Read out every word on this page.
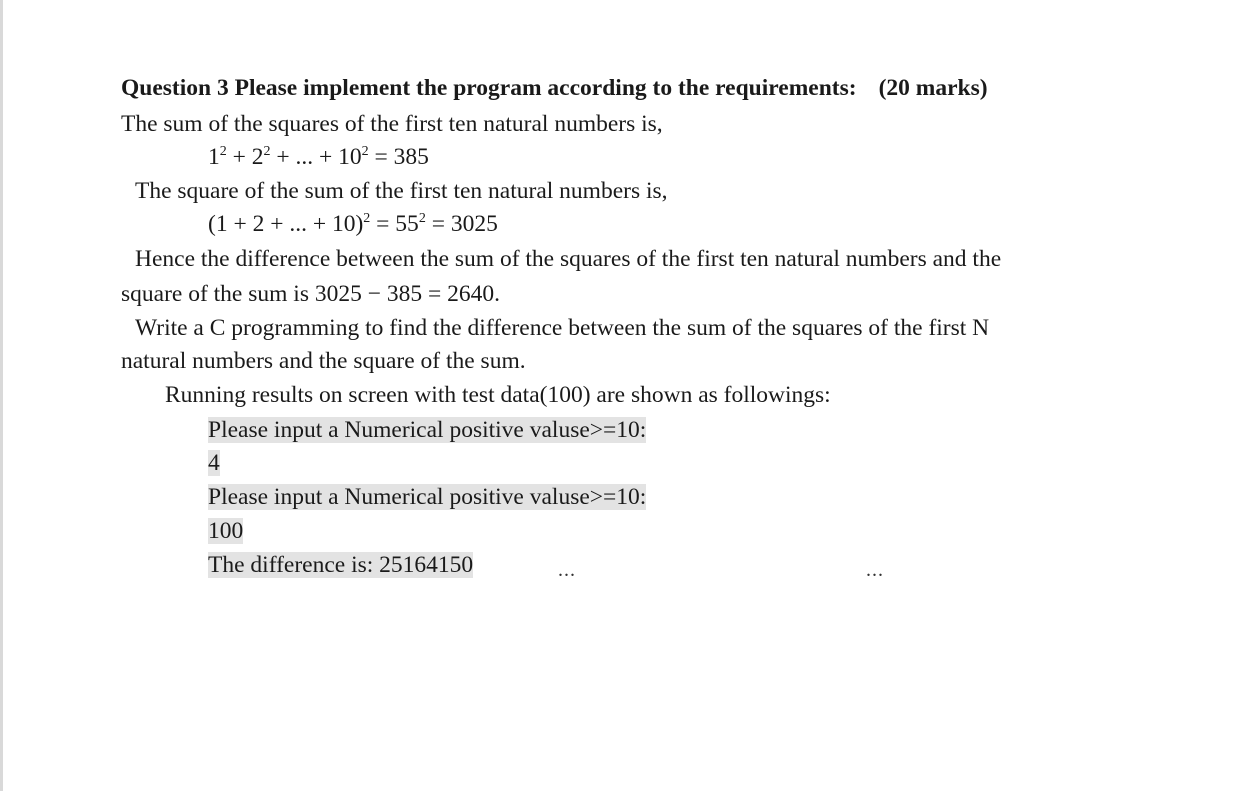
Question 3 Please implement the program according to the requirements: (20 marks)
The sum of the squares of the first ten natural numbers is,
$1^2 + 2^2$ + ... + $10^2 = 385$
The square of the sum of the first ten natural numbers is,
(1 + 2 + ... + $10)^2 = 55^2 = 3025$
Hence the difference between the sum of the squares of the first ten natural numbers and the
square of the sum is 3025 − 385 = 2640.
Write a C programming to find the difference between the sum of the squares of the first N
natural numbers and the square of the sum.
Running results on screen with test data(100) are shown as followings:
Please input a Numerical positive valuse>=10:
4
Please input a Numerical positive valuse>=10:
100
The difference is: 25164150	...	...
